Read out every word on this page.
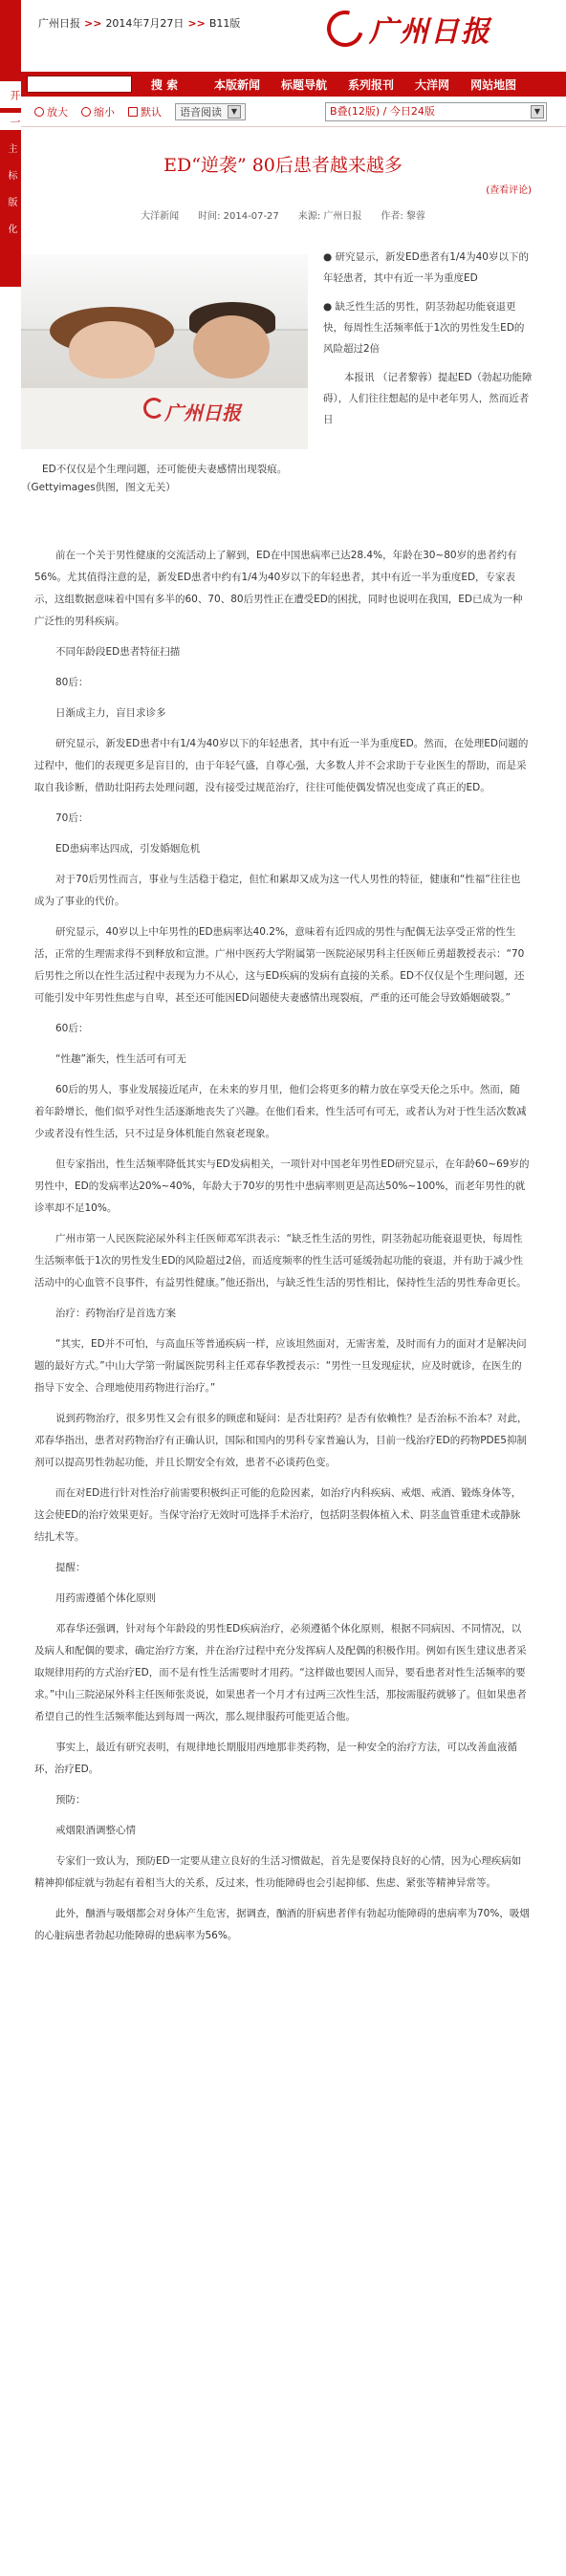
开
一
主
标
版
化
广州日报 >> 2014年7月27日 >> B11版	广州日报
搜 索	本版新闻 标题导航 系列报刊 大洋网 网站地图
放大 缩小 默认 语音阅读	▼	B叠(12版) / 今日24版	▼
ED“逆袭” 80后患者越来越多
(查看评论)
大洋新闻　　时间: 2014-07-27　　来源: 广州日报　　作者: 黎蓉
广州日报
ED不仅仅是个生理问题，还可能使夫妻感情出现裂痕。（Gettyimages供图，图文无关）

● 研究显示，新发ED患者有1/4为40岁以下的年轻患者，其中有近一半为重度ED

● 缺乏性生活的男性，阴茎勃起功能衰退更快，每周性生活频率低于1次的男性发生ED的风险超过2倍

本报讯 （记者黎蓉）提起ED（勃起功能障碍），人们往往想起的是中老年男人，然而近者日

前在一个关于男性健康的交流活动上了解到，ED在中国患病率已达28.4%，年龄在30~80岁的患者约有56%。尤其值得注意的是，新发ED患者中约有1/4为40岁以下的年轻患者，其中有近一半为重度ED，专家表示，这组数据意味着中国有多半的60、70、80后男性正在遭受ED的困扰，同时也说明在我国，ED已成为一种广泛性的男科疾病。

不同年龄段ED患者特征扫描

80后：

日渐成主力，盲目求诊多

研究显示，新发ED患者中有1/4为40岁以下的年轻患者，其中有近一半为重度ED。然而，在处理ED问题的过程中，他们的表现更多是盲目的，由于年轻气盛，自尊心强，大多数人并不会求助于专业医生的帮助，而是采取自我诊断，借助壮阳药去处理问题，没有接受过规范治疗，往往可能使偶发情况也变成了真正的ED。

70后：

ED患病率达四成，引发婚姻危机

对于70后男性而言，事业与生活稳于稳定，但忙和累却又成为这一代人男性的特征，健康和“性福”往往也成为了事业的代价。

研究显示，40岁以上中年男性的ED患病率达40.2%，意味着有近四成的男性与配偶无法享受正常的性生活，正常的生理需求得不到释放和宣泄。广州中医药大学附属第一医院泌尿男科主任医师丘勇超教授表示：“70后男性之所以在性生活过程中表现为力不从心，这与ED疾病的发病有直接的关系。ED不仅仅是个生理问题，还可能引发中年男性焦虑与自卑，甚至还可能因ED问题使夫妻感情出现裂痕，严重的还可能会导致婚姻破裂。”

60后：

“性趣”渐失，性生活可有可无

60后的男人，事业发展接近尾声，在未来的岁月里，他们会将更多的精力放在享受天伦之乐中。然而，随着年龄增长，他们似乎对性生活逐渐地丧失了兴趣。在他们看来，性生活可有可无，或者认为对于性生活次数减少或者没有性生活，只不过是身体机能自然衰老现象。

但专家指出，性生活频率降低其实与ED发病相关，一项针对中国老年男性ED研究显示，在年龄60~69岁的男性中，ED的发病率达20%~40%，年龄大于70岁的男性中患病率则更是高达50%~100%，而老年男性的就诊率却不足10%。

广州市第一人民医院泌尿外科主任医师邓军洪表示：“缺乏性生活的男性，阴茎勃起功能衰退更快，每周性生活频率低于1次的男性发生ED的风险超过2倍，而适度频率的性生活可延缓勃起功能的衰退，并有助于减少性活动中的心血管不良事件，有益男性健康。”他还指出，与缺乏性生活的男性相比，保持性生活的男性寿命更长。

治疗：药物治疗是首选方案

“其实，ED并不可怕，与高血压等普通疾病一样，应该坦然面对，无需害羞，及时而有力的面对才是解决问题的最好方式。”中山大学第一附属医院男科主任邓春华教授表示：“男性一旦发现症状，应及时就诊，在医生的指导下安全、合理地使用药物进行治疗。”

说到药物治疗，很多男性又会有很多的顾虑和疑问：是否壮阳药？是否有依赖性？是否治标不治本？对此，邓春华指出，患者对药物治疗有正确认识，国际和国内的男科专家普遍认为，目前一线治疗ED的药物PDE5抑制剂可以提高男性勃起功能，并且长期安全有效，患者不必谈药色变。

而在对ED进行针对性治疗前需要积极纠正可能的危险因素，如治疗内科疾病、戒烟、戒酒、锻炼身体等，这会使ED的治疗效果更好。当保守治疗无效时可选择手术治疗，包括阴茎假体植入术、阴茎血管重建术或静脉结扎术等。

提醒：

用药需遵循个体化原则

邓春华还强调，针对每个年龄段的男性ED疾病治疗，必须遵循个体化原则，根据不同病因、不同情况，以及病人和配偶的要求，确定治疗方案，并在治疗过程中充分发挥病人及配偶的积极作用。例如有医生建议患者采取规律用药的方式治疗ED，而不是有性生活需要时才用药。“这样做也要因人而异，要看患者对性生活频率的要求。”中山三院泌尿外科主任医师张炎说，如果患者一个月才有过两三次性生活，那按需服药就够了。但如果患者希望自己的性生活频率能达到每周一两次，那么规律服药可能更适合他。

事实上，最近有研究表明，有规律地长期服用西地那非类药物，是一种安全的治疗方法，可以改善血液循环，治疗ED。

预防：

戒烟限酒调整心情

专家们一致认为，预防ED一定要从建立良好的生活习惯做起，首先是要保持良好的心情，因为心理疾病如精神抑郁症就与勃起有着相当大的关系，反过来，性功能障碍也会引起抑郁、焦虑、紧张等精神异常等。

此外，酗酒与吸烟都会对身体产生危害，据调查，酗酒的肝病患者伴有勃起功能障碍的患病率为70%，吸烟的心脏病患者勃起功能障碍的患病率为56%。
